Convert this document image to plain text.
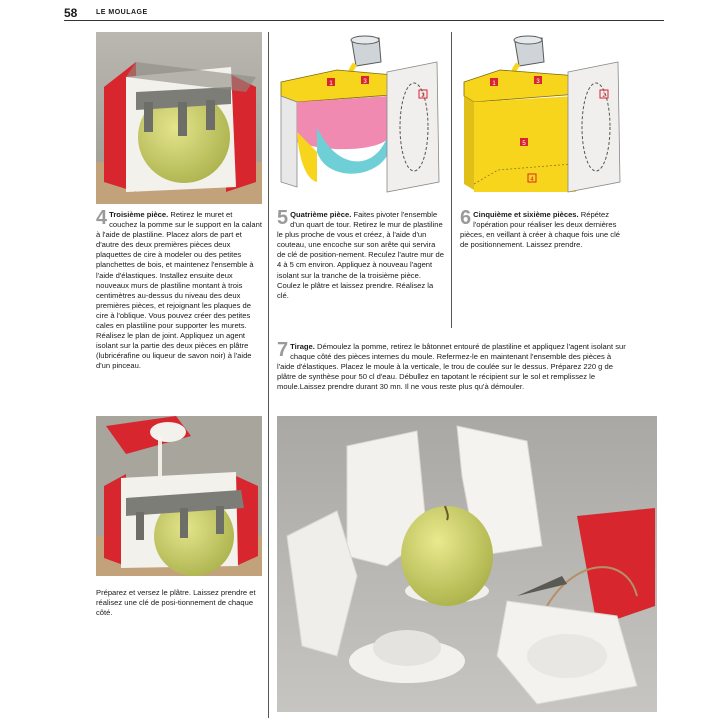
58	LE MOULAGE
1	3
2
1	3
2
5
4

4 Troisième pièce. Retirez le muret et couchez la pomme sur le support en la calant à l'aide de plastiline. Placez alors de part et d'autre des deux premières pièces deux plaquettes de cire à modeler ou des petites planchettes de bois, et maintenez l'ensemble à l'aide d'élastiques. Installez ensuite deux nouveaux murs de plastiline montant à trois centimètres au-dessus du niveau des deux premières pièces, et rejoignant les plaques de cire à l'oblique. Vous pouvez créer des petites cales en plastiline pour supporter les murets. Réalisez le plan de joint. Appliquez un agent isolant sur la partie des deux pièces en plâtre (lubricérafine ou liqueur de savon noir) à l'aide d'un pinceau.

5 Quatrième pièce. Faites pivoter l'ensemble d'un quart de tour. Retirez le mur de plastiline le plus proche de vous et créez, à l'aide d'un couteau, une encoche sur son arête qui servira de clé de position-nement. Reculez l'autre mur de 4 à 5 cm environ. Appliquez à nouveau l'agent isolant sur la tranche de la troisième pièce. Coulez le plâtre et laissez prendre. Réalisez la clé.

6 Cinquième et sixième pièces. Répétez l'opération pour réaliser les deux dernières pièces, en veillant à créer à chaque fois une clé de positionnement. Laissez prendre.

7 Tirage. Démoulez la pomme, retirez le bâtonnet entouré de plastiline et appliquez l'agent isolant sur chaque côté des pièces internes du moule. Refermez-le en maintenant l'ensemble des pièces à l'aide d'élastiques. Placez le moule à la verticale, le trou de coulée sur le dessus. Préparez 220 g de plâtre de synthèse pour 50 cl d'eau. Débullez en tapotant le récipient sur le sol et remplissez le moule.Laissez prendre durant 30 mn. Il ne vous reste plus qu'à démouler.

Préparez et versez le plâtre. Laissez prendre et réalisez une clé de posi-tionnement de chaque côté.
